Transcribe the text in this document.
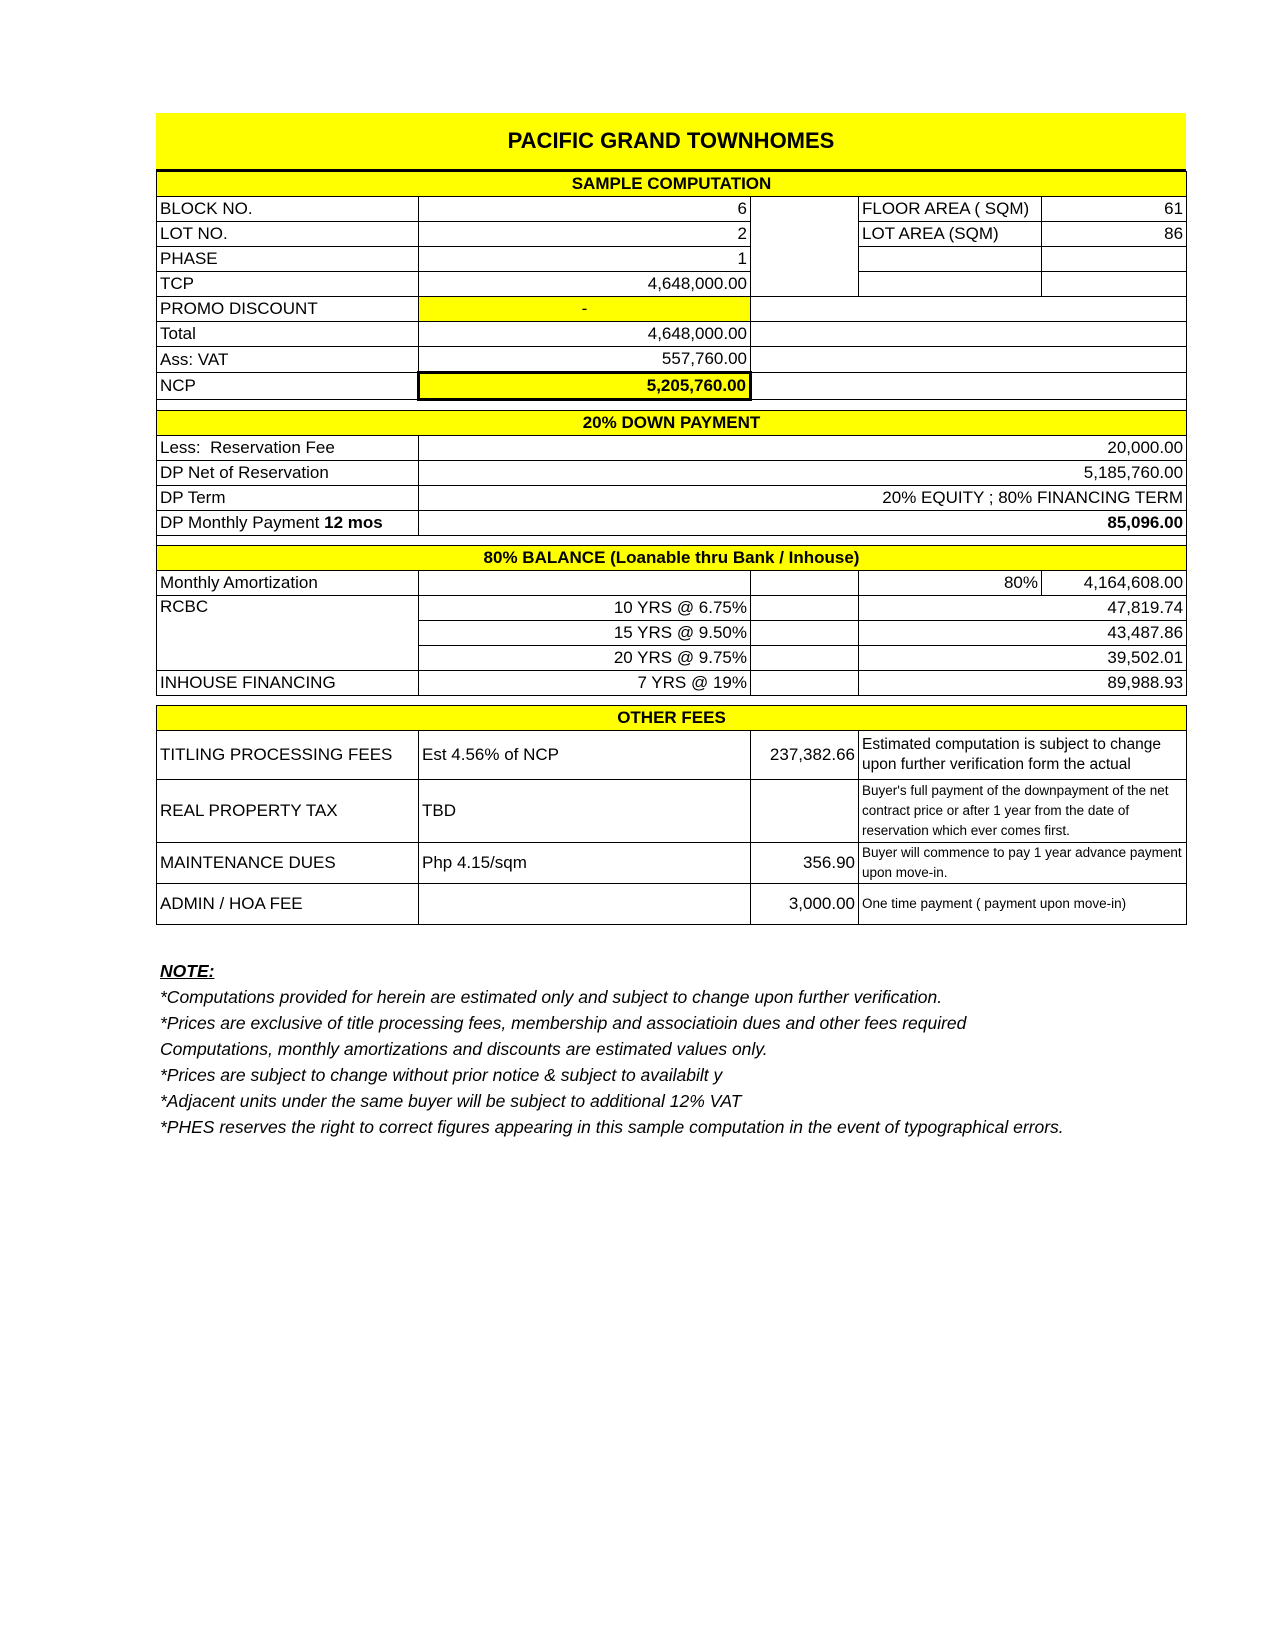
PACIFIC GRAND TOWNHOMES
SAMPLE COMPUTATION				
BLOCK NO.	6		FLOOR AREA ( SQM)	61
LOT NO.	2		LOT AREA (SQM)	86
PHASE	1			
TCP	4,648,000.00			
PROMO DISCOUNT	-			
Total	4,648,000.00			
Ass: VAT	557,760.00			
NCP	5,205,760.00			

20% DOWN PAYMENT				
Less:  Reservation Fee	20,000.00			
DP Net of Reservation	5,185,760.00			
DP Term	20% EQUITY ; 80% FINANCING TERM			
DP Monthly Payment 12 mos	85,096.00			

80% BALANCE (Loanable thru Bank / Inhouse)				
Monthly Amortization			80%	4,164,608.00
RCBC	10 YRS @ 6.75%		47,819.74	
	15 YRS @ 9.50%		43,487.86	
	20 YRS @ 9.75%		39,502.01	
INHOUSE FINANCING	7 YRS @ 19%		89,988.93	

OTHER FEES				
TITLING PROCESSING FEES	Est 4.56% of NCP	237,382.66	Estimated computation is subject to change upon further verification form the actual	
REAL PROPERTY TAX	TBD		Buyer's full payment of the downpayment of the net contract price or after 1 year from the date of reservation which ever comes first.	
MAINTENANCE DUES	Php 4.15/sqm	356.90	Buyer will commence to pay 1 year advance payment upon move-in.	
ADMIN / HOA FEE		3,000.00	One time payment ( payment upon move-in)	
NOTE:
*Computations provided for herein are estimated only and subject to change upon further verification.
*Prices are exclusive of title processing fees, membership and associatioin dues and other fees required
Computations, monthly amortizations and discounts are estimated values only.
*Prices are subject to change without prior notice & subject to availabilt y
*Adjacent units under the same buyer will be subject to additional 12% VAT
*PHES reserves the right to correct figures appearing in this sample computation in the event of typographical errors.
